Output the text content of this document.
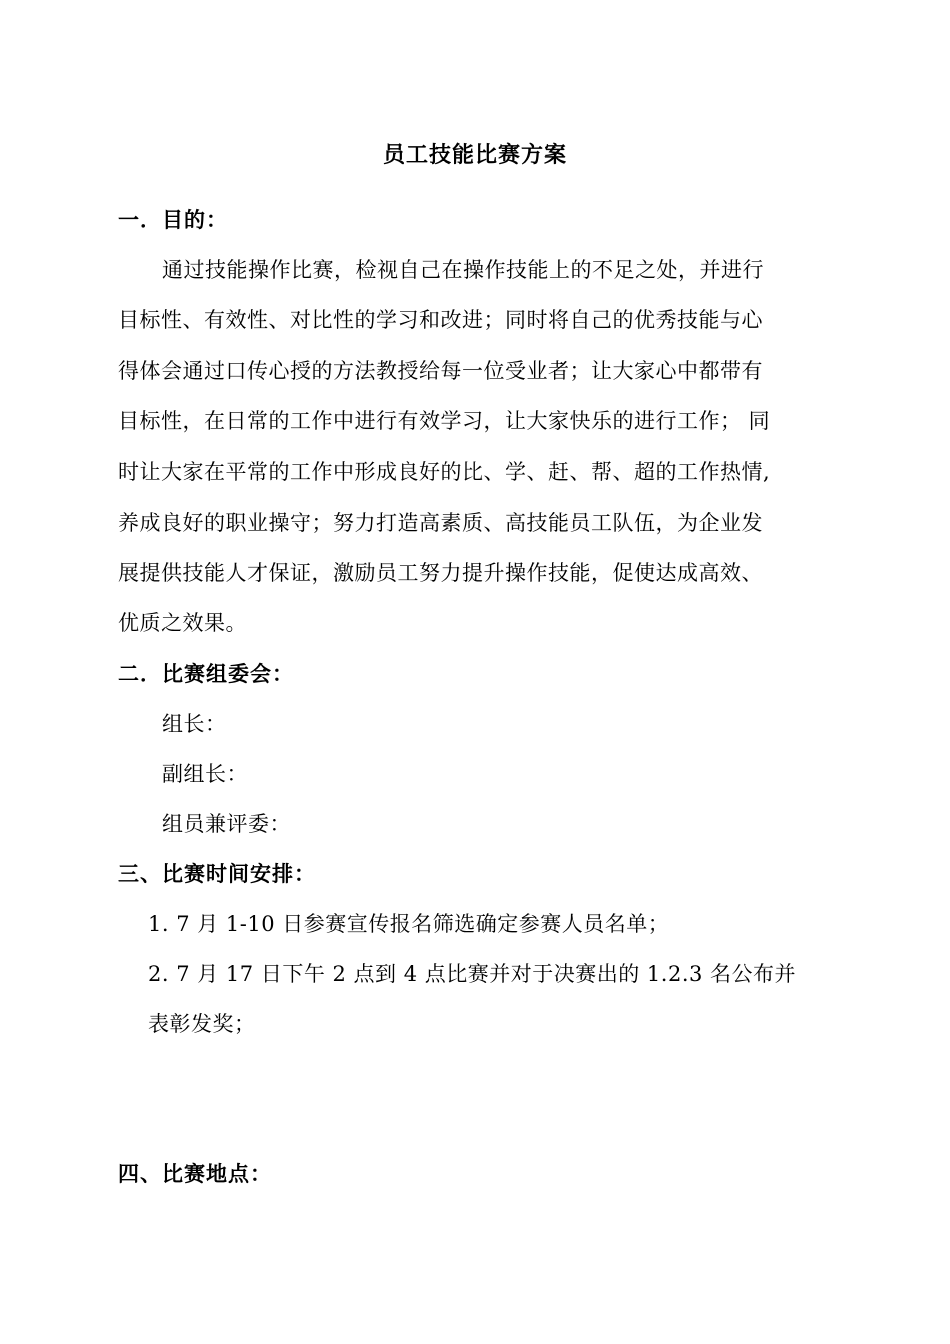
员工技能比赛方案
一．目的：
通过技能操作比赛，检视自己在操作技能上的不足之处，并进行
目标性、有效性、对比性的学习和改进；同时将自己的优秀技能与心
得体会通过口传心授的方法教授给每一位受业者；让大家心中都带有
目标性，在日常的工作中进行有效学习，让大家快乐的进行工作； 同
时让大家在平常的工作中形成良好的比、学、赶、帮、超的工作热情,
养成良好的职业操守；努力打造高素质、高技能员工队伍，为企业发
展提供技能人才保证，激励员工努力提升操作技能，促使达成高效、
优质之效果。
二．比赛组委会：
组长：
副组长：
组员兼评委：
三、比赛时间安排：
1. 7 月 1-10 日参赛宣传报名筛选确定参赛人员名单；
2. 7 月 17 日下午 2 点到 4 点比赛并对于决赛出的 1.2.3 名公布并
表彰发奖；
四、比赛地点：
